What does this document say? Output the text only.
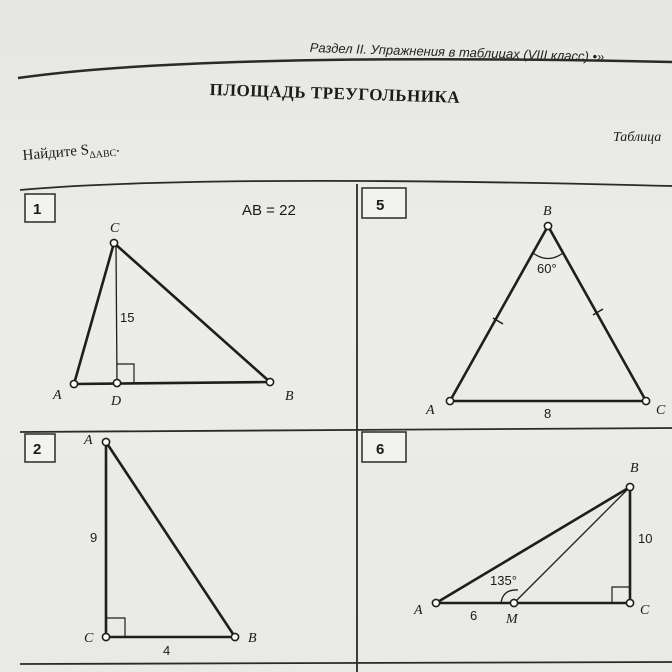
Раздел II. Упражнения в таблицах (VIII класс) •»
ПЛОЩАДЬ ТРЕУГОЛЬНИКА
Найдите $S_{\Delta ABC}$.
Таблица
1	AB = 22
C
A	B
D
15
5	B
A	C
60°
8
2
A
C	B
9
4
6
B
A
M
C
135°
6
10
